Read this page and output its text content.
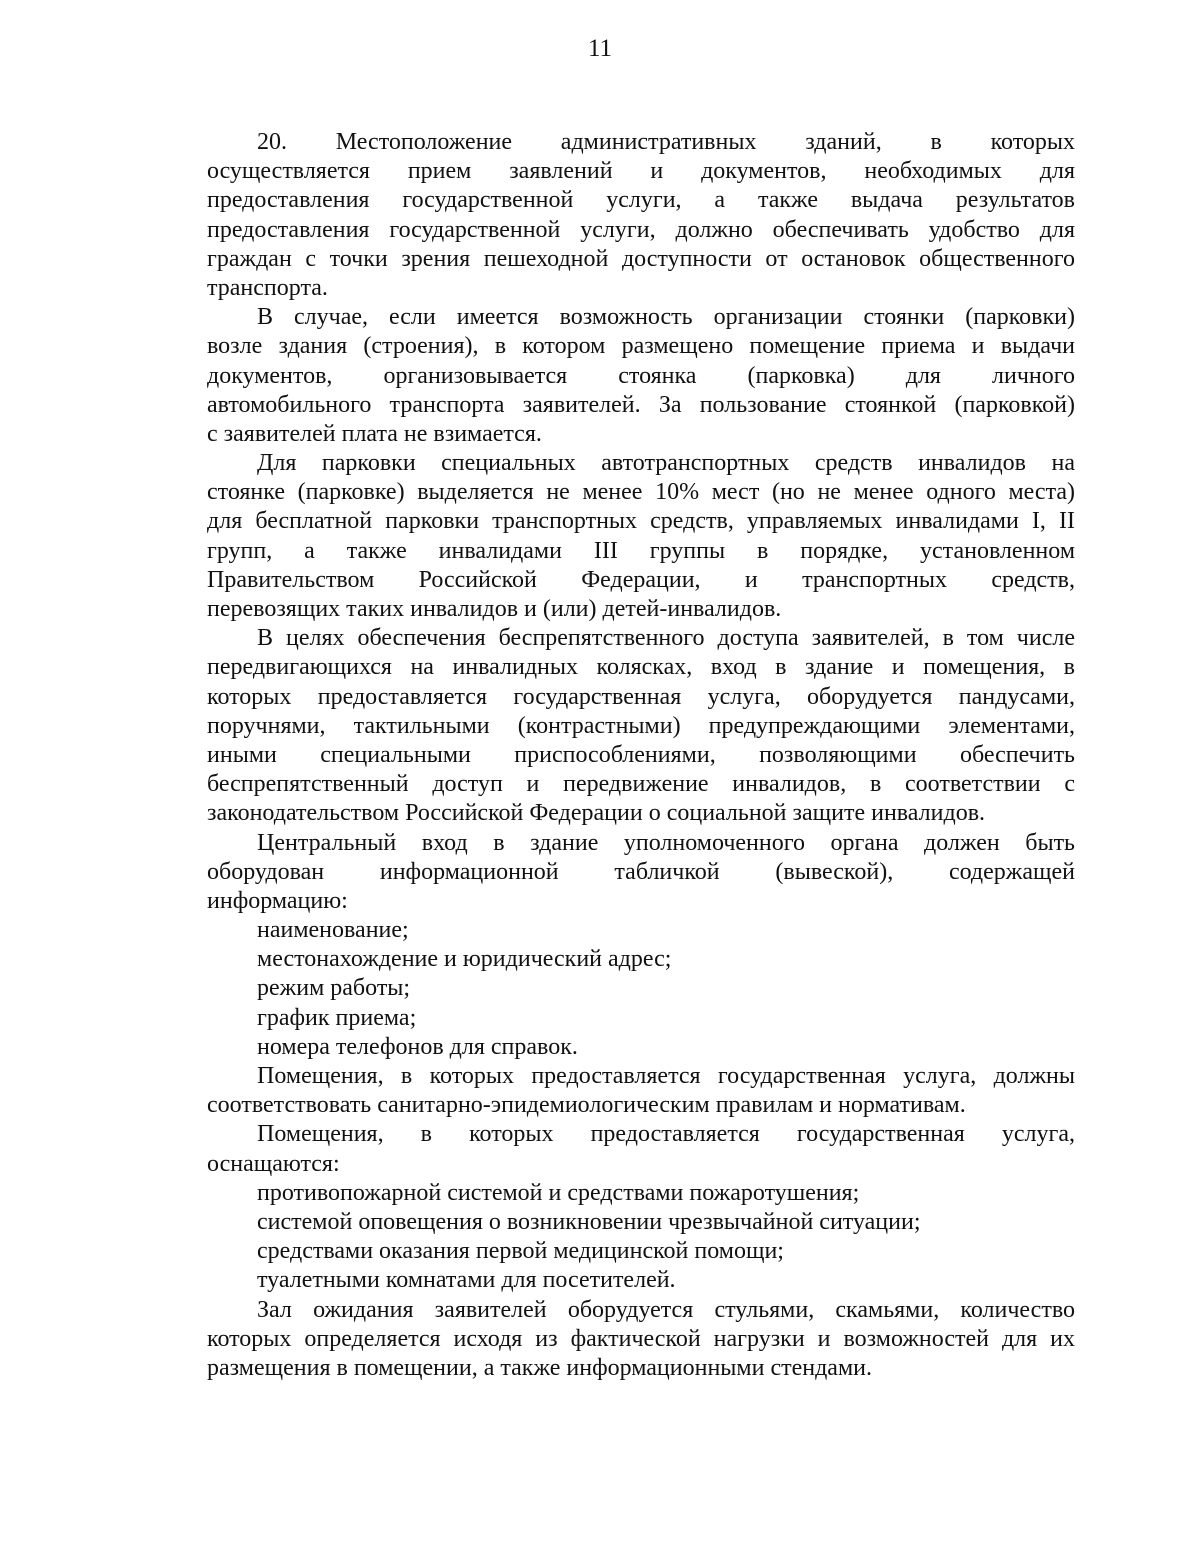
11
20. Местоположение административных зданий, в которых
осуществляется прием заявлений и документов, необходимых для
предоставления государственной услуги, а также выдача результатов
предоставления государственной услуги, должно обеспечивать удобство для
граждан с точки зрения пешеходной доступности от остановок общественного
транспорта.
В случае, если имеется возможность организации стоянки (парковки)
возле здания (строения), в котором размещено помещение приема и выдачи
документов, организовывается стоянка (парковка) для личного
автомобильного транспорта заявителей. За пользование стоянкой (парковкой)
с заявителей плата не взимается.
Для парковки специальных автотранспортных средств инвалидов на
стоянке (парковке) выделяется не менее 10% мест (но не менее одного места)
для бесплатной парковки транспортных средств, управляемых инвалидами I, II
групп, а также инвалидами III группы в порядке, установленном
Правительством Российской Федерации, и транспортных средств,
перевозящих таких инвалидов и (или) детей-инвалидов.
В целях обеспечения беспрепятственного доступа заявителей, в том числе
передвигающихся на инвалидных колясках, вход в здание и помещения, в
которых предоставляется государственная услуга, оборудуется пандусами,
поручнями, тактильными (контрастными) предупреждающими элементами,
иными специальными приспособлениями, позволяющими обеспечить
беспрепятственный доступ и передвижение инвалидов, в соответствии с
законодательством Российской Федерации о социальной защите инвалидов.
Центральный вход в здание уполномоченного органа должен быть
оборудован информационной табличкой (вывеской), содержащей
информацию:
наименование;
местонахождение и юридический адрес;
режим работы;
график приема;
номера телефонов для справок.
Помещения, в которых предоставляется государственная услуга, должны
соответствовать санитарно-эпидемиологическим правилам и нормативам.
Помещения, в которых предоставляется государственная услуга,
оснащаются:
противопожарной системой и средствами пожаротушения;
системой оповещения о возникновении чрезвычайной ситуации;
средствами оказания первой медицинской помощи;
туалетными комнатами для посетителей.
Зал ожидания заявителей оборудуется стульями, скамьями, количество
которых определяется исходя из фактической нагрузки и возможностей для их
размещения в помещении, а также информационными стендами.
